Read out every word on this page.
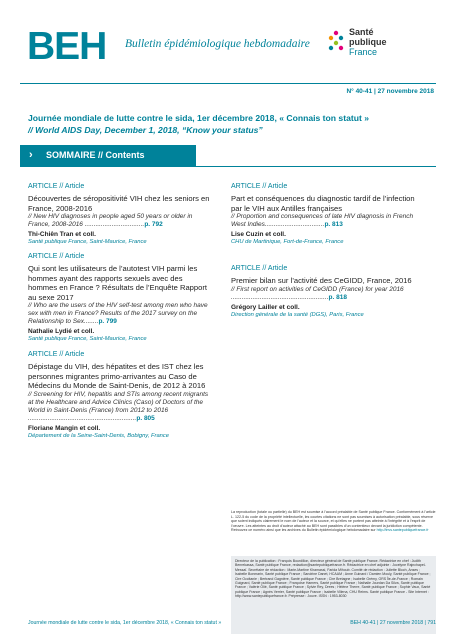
BEH Bulletin épidémiologique hebdomadaire
Santé
publique
France
N° 40-41 | 27 novembre 2018
Journée mondiale de lutte contre le sida, 1er décembre 2018, « Connais ton statut »
// World AIDS Day, December 1, 2018, “Know your status”
› SOMMAIRE // Contents
ARTICLE // Article
Découvertes de séropositivité VIH chez les seniors en France, 2008-2016
// New HIV diagnoses in people aged 50 years or older in France, 2008-2016 .................................p. 792
Thi-Chiên Tran et coll.
Santé publique France, Saint-Maurice, France
ARTICLE // Article
Qui sont les utilisateurs de l’autotest VIH parmi les hommes ayant des rapports sexuels avec des hommes en France ? Résultats de l’Enquête Rapport au sexe 2017
// Who are the users of the HIV self-test among men who have sex with men in France? Results of the 2017 survey on the Relationship to Sex........p. 799
Nathalie Lydié et coll.
Santé publique France, Saint-Maurice, France
ARTICLE // Article
Dépistage du VIH, des hépatites et des IST chez les personnes migrantes primo-arrivantes au Caso de Médecins du Monde de Saint-Denis, de 2012 à 2016
// Screening for HIV, hepatitis and STIs among recent migrants at the Healthcare and Advice Clinics (Caso) of Doctors of the World in Saint-Denis (France) from 2012 to 2016 ............................................................p. 805
Floriane Mangin et coll.
Département de la Seine-Saint-Denis, Bobigny, France
ARTICLE // Article
Part et conséquences du diagnostic tardif de l’infection par le VIH aux Antilles françaises
// Proportion and consequences of late HIV diagnosis in French West Indies.................................p. 813
Lise Cuzin et coll.
CHU de Martinique, Fort-de-France, France
ARTICLE // Article
Premier bilan sur l’activité des CeGIDD, France, 2016
// First report on activities of CeGIDD (France) for year 2016 ......................................................p. 818
Grégory Lailler et coll.
Direction générale de la santé (DGS), Paris, France
La reproduction (totale ou partielle) du BEH est soumise à l’accord préalable de Santé publique France. Conformément à l’article L. 122-5 du code de la propriété intellectuelle, les courtes citations ne sont pas soumises à autorisation préalable, sous réserve que soient indiqués clairement le nom de l’auteur et la source, et qu’elles ne portent pas atteinte à l’intégrité et à l’esprit de l’oeuvre. Les atteintes au droit d’auteur attaché au BEH sont passibles d’un contentieux devant la juridiction compétente. Retrouvez ce numéro ainsi que les archives du Bulletin épidémiologique hebdomadaire sur http://invs.santepubliquefrance.fr
Directeur de la publication : François Bourdillon, directeur général de Santé publique France. Rédactrice en chef : Judith Benrekassa, Santé publique France, redaction@santepubliquefrance.fr. Rédactrice en chef adjointe : Jocelyne Rajnchapel-Messaï. Secrétaire de rédaction : Marie-Martine Khamassi, Farida Mihoub. Comité de rédaction : Juliette Bloch, Anses ; Isabelle Bonmarin, Santé publique France ; Sandrine Danet, HCAAM ; Anne Guinard / Damien Mouly, Santé publique France ; Cire Occitanie ; Bertrand Gagnière, Santé publique France ; Cire Bretagne ; Isabelle Grémy, ORS Île-de-France ; Romain Guignard, Santé publique France ; Françoise Hamers, Santé publique France ; Nathalie Jourdan Da Silva, Santé publique France ; Valérie Olié, Santé publique France ; Sylvie Rey, Drees ; Hélène Therre, Santé publique France ; Sophie Vaux, Santé publique France ; Agnès Verrier, Santé publique France ; Isabelle Villena, CHU Reims. Santé publique France - Site Internet : http://www.santepubliquefrance.fr. Prépresse : Jouve. ISSN : 1953-8030
Journée mondiale de lutte contre le sida, 1er décembre 2018, « Connais ton statut »	BEH 40-41 | 27 novembre 2018 | 791
